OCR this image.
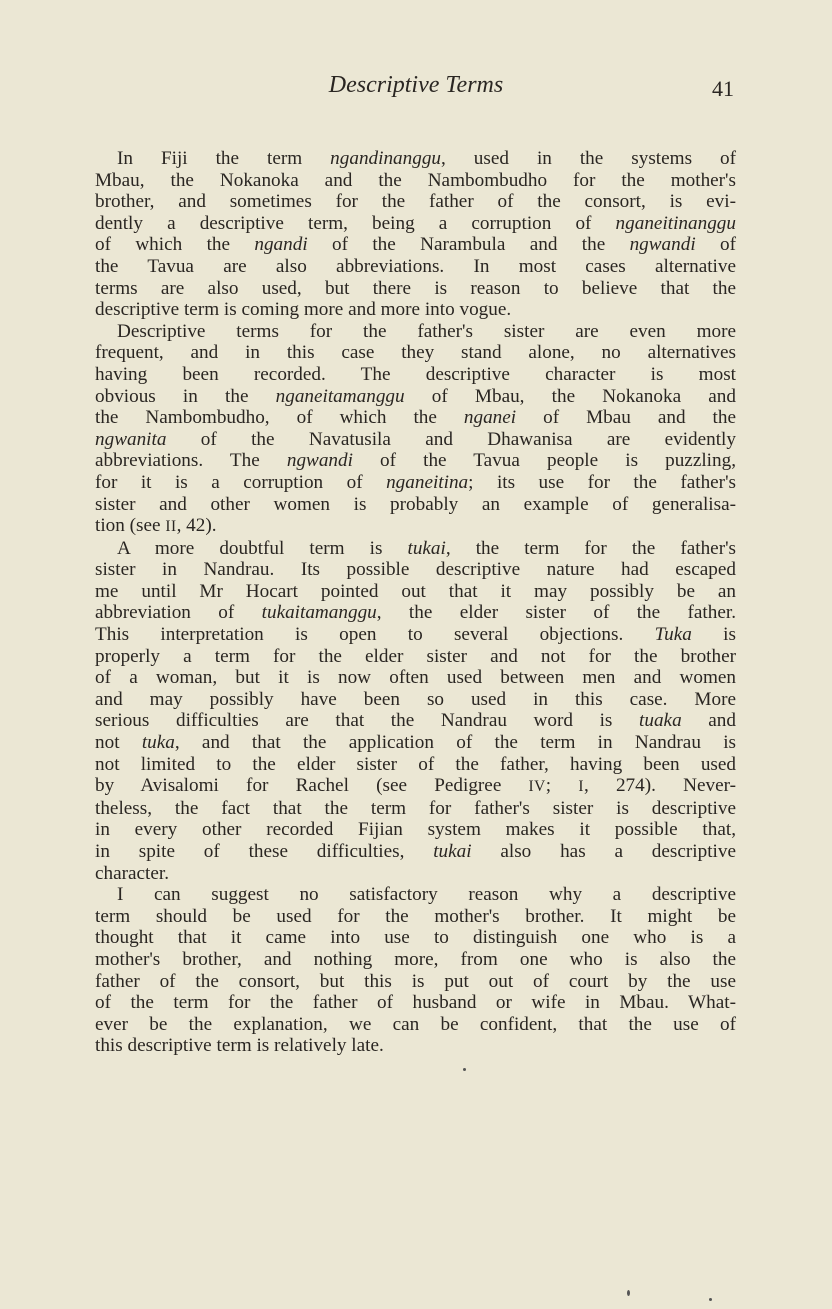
Descriptive Terms	41
In Fiji the term ngandinanggu, used in the systems of
Mbau, the Nokanoka and the Nambombudho for the mother's
brother, and sometimes for the father of the consort, is evi-
dently a descriptive term, being a corruption of nganeitinanggu
of which the ngandi of the Narambula and the ngwandi of
the Tavua are also abbreviations. In most cases alternative
terms are also used, but there is reason to believe that the
descriptive term is coming more and more into vogue.
Descriptive terms for the father's sister are even more
frequent, and in this case they stand alone, no alternatives
having been recorded. The descriptive character is most
obvious in the nganeitamanggu of Mbau, the Nokanoka and
the Nambombudho, of which the nganei of Mbau and the
ngwanita of the Navatusila and Dhawanisa are evidently
abbreviations. The ngwandi of the Tavua people is puzzling,
for it is a corruption of nganeitina; its use for the father's
sister and other women is probably an example of generalisa-
tion (see II, 42).
A more doubtful term is tukai, the term for the father's
sister in Nandrau. Its possible descriptive nature had escaped
me until Mr Hocart pointed out that it may possibly be an
abbreviation of tukaitamanggu, the elder sister of the father.
This interpretation is open to several objections. Tuka is
properly a term for the elder sister and not for the brother
of a woman, but it is now often used between men and women
and may possibly have been so used in this case. More
serious difficulties are that the Nandrau word is tuaka and
not tuka, and that the application of the term in Nandrau is
not limited to the elder sister of the father, having been used
by Avisalomi for Rachel (see Pedigree IV; I, 274). Never-
theless, the fact that the term for father's sister is descriptive
in every other recorded Fijian system makes it possible that,
in spite of these difficulties, tukai also has a descriptive
character.
I can suggest no satisfactory reason why a descriptive
term should be used for the mother's brother. It might be
thought that it came into use to distinguish one who is a
mother's brother, and nothing more, from one who is also the
father of the consort, but this is put out of court by the use
of the term for the father of husband or wife in Mbau. What-
ever be the explanation, we can be confident, that the use of
this descriptive term is relatively late.
